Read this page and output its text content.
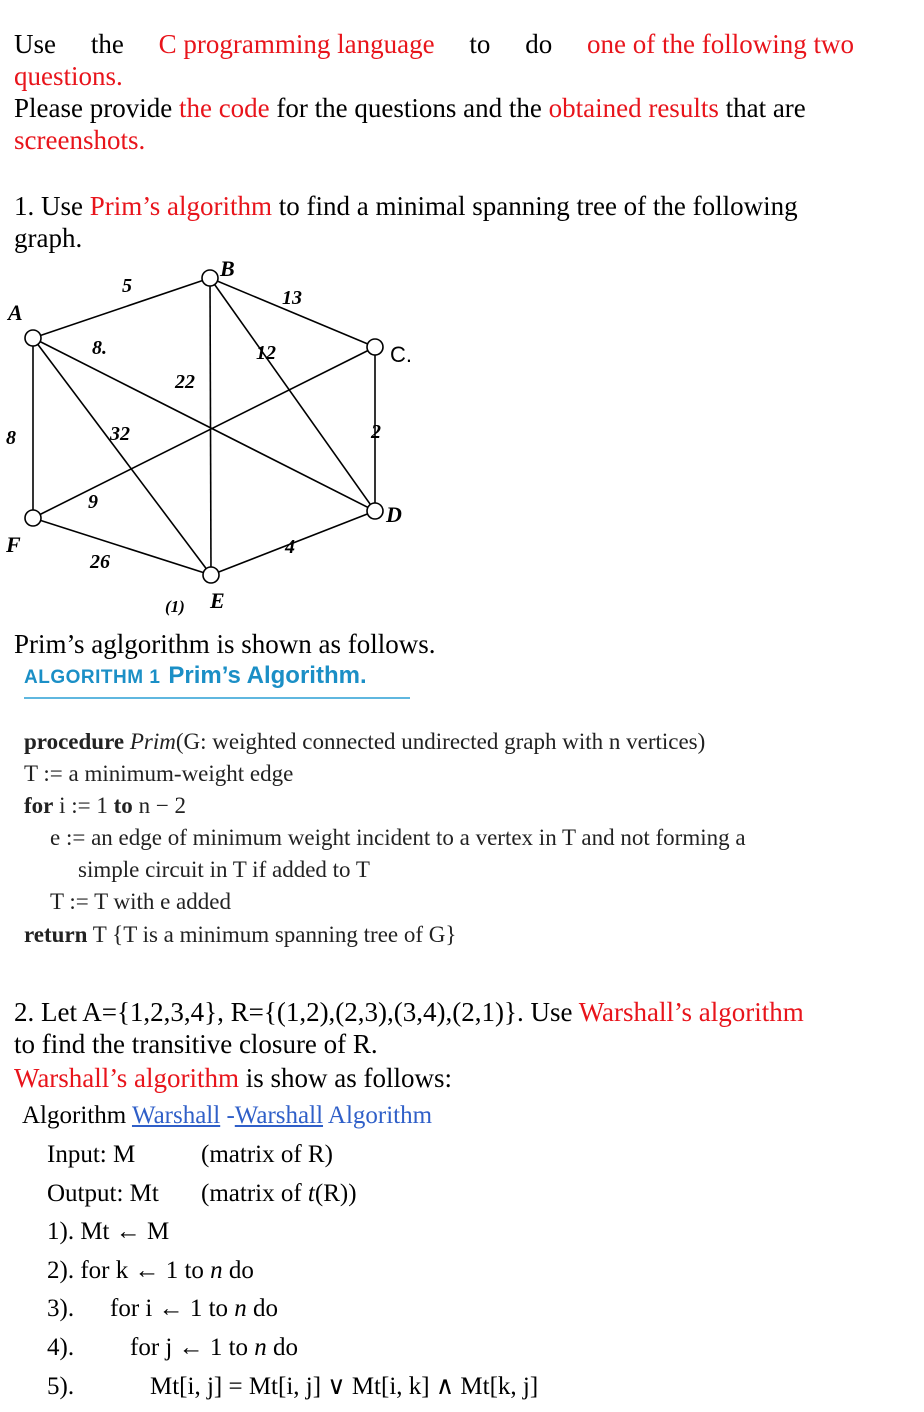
Use the C programming language to do one of the following two
questions.
Please provide the code for the questions and the obtained results that are
screenshots.
1. Use Prim’s algorithm to find a minimal spanning tree of the following
graph.
A
B
C.
D
E
F
5
13
8.
22
12
32	2
8
9
26
4
(1)
Prim’s aglgorithm is shown as follows.
ALGORITHM 1 Prim’s Algorithm.
procedure Prim(G: weighted connected undirected graph with n vertices)
T := a minimum-weight edge
for i := 1 to n − 2
e := an edge of minimum weight incident to a vertex in T and not forming a
simple circuit in T if added to T
T := T with e added
return T {T is a minimum spanning tree of G}
2. Let A={1,2,3,4}, R={(1,2),(2,3),(3,4),(2,1)}. Use Warshall’s algorithm
to find the transitive closure of R.
Warshall’s algorithm is show as follows:
Algorithm Warshall -Warshall Algorithm
Input: M	(matrix of R)
Output: Mt (matrix of t(R))
1). Mt ← M
2). for k ← 1 to n do
3). for i ← 1 to n do
4). for j ← 1 to n do
5).	Mt[i, j] = Mt[i, j] ∨ Mt[i, k] ∧ Mt[k, j]
